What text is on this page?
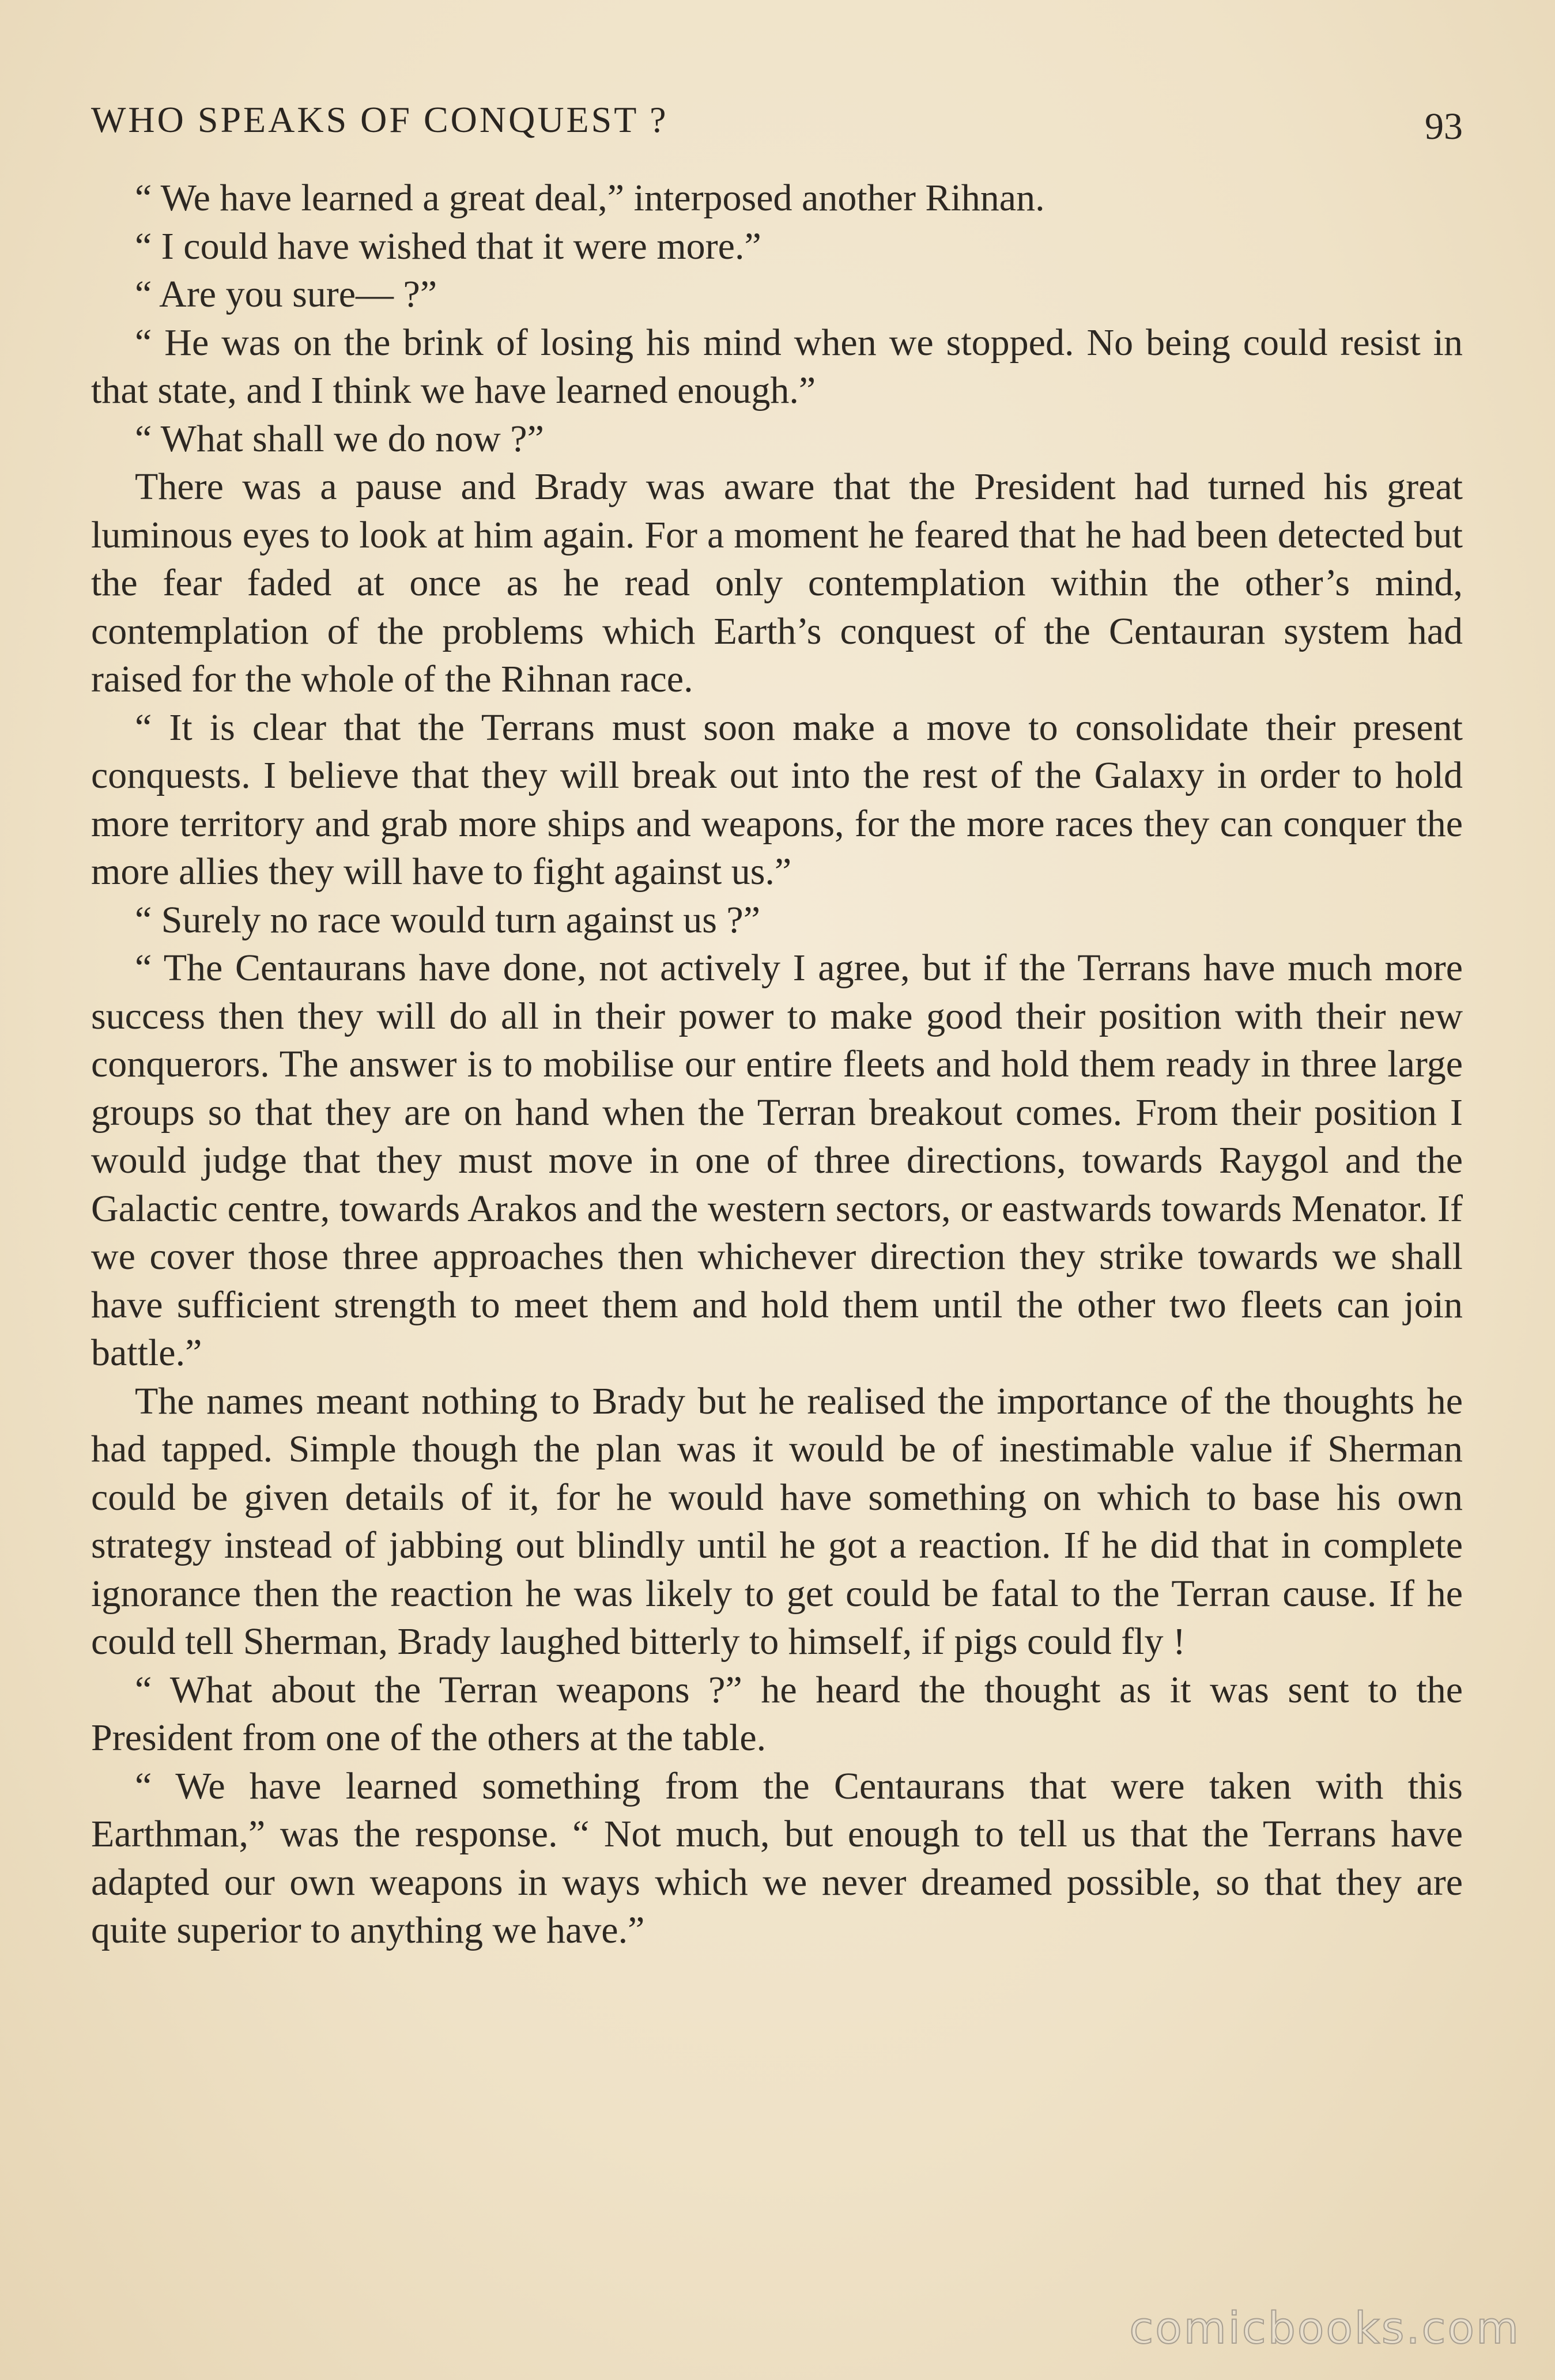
WHO SPEAKS OF CONQUEST ?	93

“ We have learned a great deal,” interposed another Rihnan.

“ I could have wished that it were more.”

“ Are you sure— ?”

“ He was on the brink of losing his mind when we stopped. No being could resist in that state, and I think we have learned enough.”

“ What shall we do now ?”

There was a pause and Brady was aware that the President had turned his great luminous eyes to look at him again. For a moment he feared that he had been detected but the fear faded at once as he read only contemplation within the other’s mind, contemplation of the problems which Earth’s conquest of the Centauran system had raised for the whole of the Rihnan race.

“ It is clear that the Terrans must soon make a move to consolidate their present conquests. I believe that they will break out into the rest of the Galaxy in order to hold more territory and grab more ships and weapons, for the more races they can conquer the more allies they will have to fight against us.”

“ Surely no race would turn against us ?”

“ The Centaurans have done, not actively I agree, but if the Terrans have much more success then they will do all in their power to make good their position with their new conquerors. The answer is to mobilise our entire fleets and hold them ready in three large groups so that they are on hand when the Terran breakout comes. From their position I would judge that they must move in one of three directions, towards Raygol and the Galactic centre, towards Arakos and the western sectors, or eastwards towards Menator. If we cover those three approaches then whichever direction they strike towards we shall have sufficient strength to meet them and hold them until the other two fleets can join battle.”

The names meant nothing to Brady but he realised the importance of the thoughts he had tapped. Simple though the plan was it would be of inestimable value if Sherman could be given details of it, for he would have something on which to base his own strategy instead of jabbing out blindly until he got a reaction. If he did that in complete ignorance then the reaction he was likely to get could be fatal to the Terran cause. If he could tell Sherman, Brady laughed bitterly to himself, if pigs could fly !

“ What about the Terran weapons ?” he heard the thought as it was sent to the President from one of the others at the table.

“ We have learned something from the Centaurans that were taken with this Earthman,” was the response. “ Not much, but enough to tell us that the Terrans have adapted our own weapons in ways which we never dreamed possible, so that they are quite superior to anything we have.”

comicbooks.com
